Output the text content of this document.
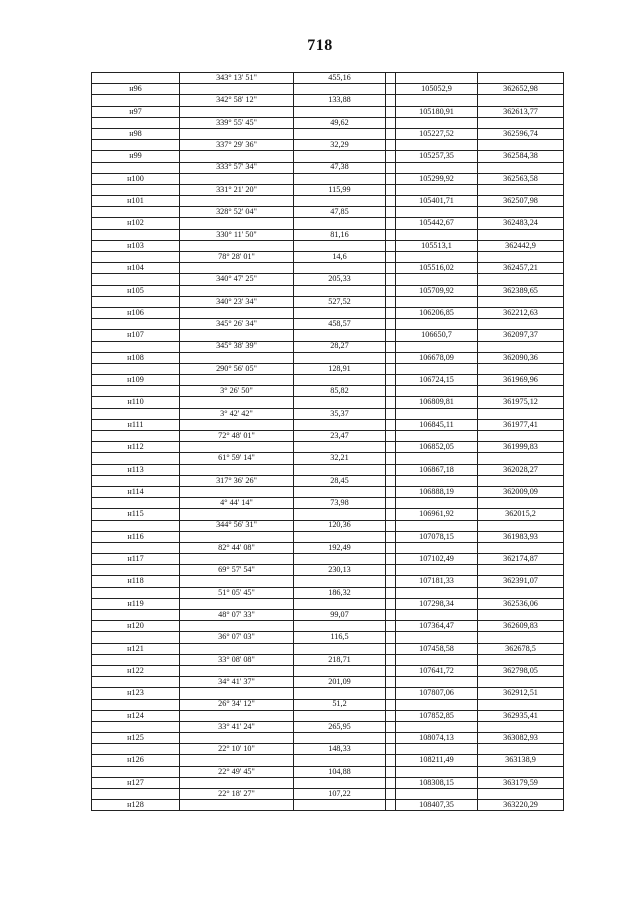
718
	343° 13' 51"	455,16			
н96				105052,9	362652,98
	342° 58' 12"	133,88			
н97				105180,91	362613,77
	339° 55' 45"	49,62			
н98				105227,52	362596,74
	337° 29' 36"	32,29			
н99				105257,35	362584,38
	333° 57' 34"	47,38			
н100				105299,92	362563,58
	331° 21' 20"	115,99			
н101				105401,71	362507,98
	328° 52' 04"	47,85			
н102				105442,67	362483,24
	330° 11' 50"	81,16			
н103				105513,1	362442,9
	78° 28' 01"	14,6			
н104				105516,02	362457,21
	340° 47' 25"	205,33			
н105				105709,92	362389,65
	340° 23' 34"	527,52			
н106				106206,85	362212,63
	345° 26' 34"	458,57			
н107				106650,7	362097,37
	345° 38' 39"	28,27			
н108				106678,09	362090,36
	290° 56' 05"	128,91			
н109				106724,15	361969,96
	3° 26' 50"	85,82			
н110				106809,81	361975,12
	3° 42' 42"	35,37			
н111				106845,11	361977,41
	72° 48' 01"	23,47			
н112				106852,05	361999,83
	61° 59' 14"	32,21			
н113				106867,18	362028,27
	317° 36' 26"	28,45			
н114				106888,19	362009,09
	4° 44' 14"	73,98			
н115				106961,92	362015,2
	344° 56' 31"	120,36			
н116				107078,15	361983,93
	82° 44' 08"	192,49			
н117				107102,49	362174,87
	69° 57' 54"	230,13			
н118				107181,33	362391,07
	51° 05' 45"	186,32			
н119				107298,34	362536,06
	48° 07' 33"	99,07			
н120				107364,47	362609,83
	36° 07' 03"	116,5			
н121				107458,58	362678,5
	33° 08' 08"	218,71			
н122				107641,72	362798,05
	34° 41' 37"	201,09			
н123				107807,06	362912,51
	26° 34' 12"	51,2			
н124				107852,85	362935,41
	33° 41' 24"	265,95			
н125				108074,13	363082,93
	22° 10' 10"	148,33			
н126				108211,49	363138,9
	22° 49' 45"	104,88			
н127				108308,15	363179,59
	22° 18' 27"	107,22			
н128				108407,35	363220,29
